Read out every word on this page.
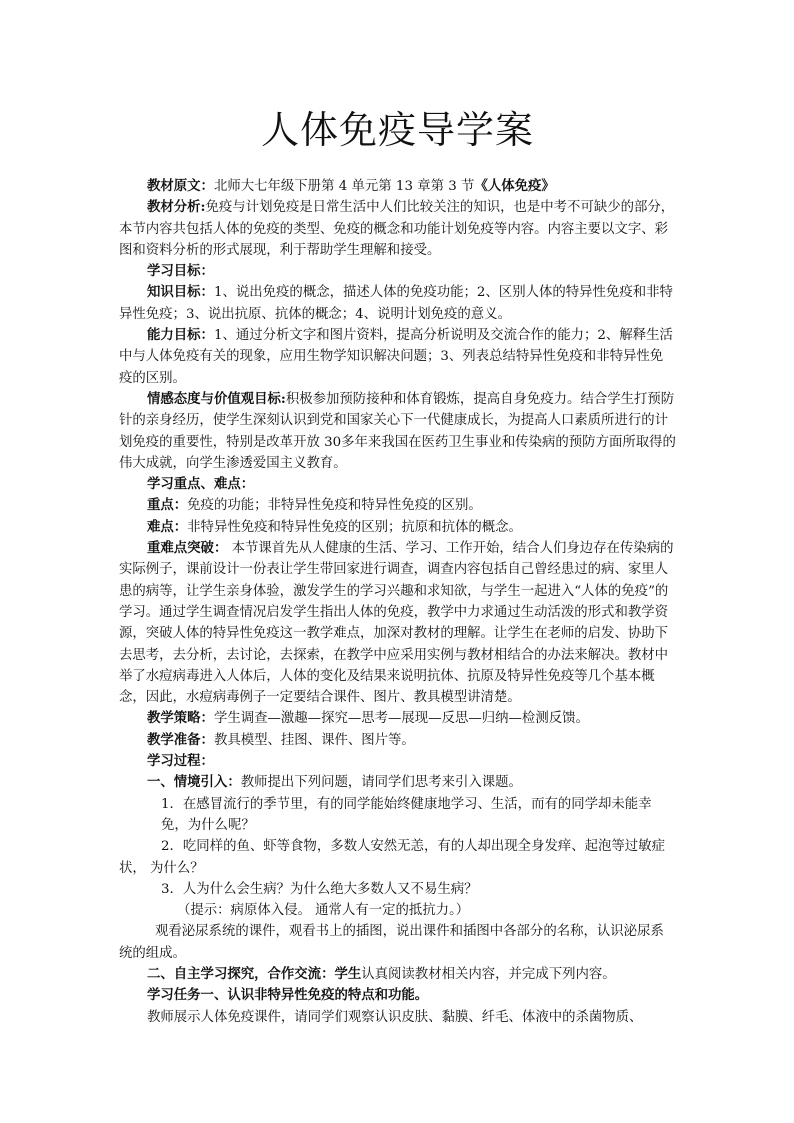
人体免疫导学案

教材原文：北师大七年级下册第 4 单元第 13 章第 3 节《人体免疫》

教材分析:免疫与计划免疫是日常生活中人们比较关注的知识，也是中考不可缺少的部分，本节内容共包括人体的免疫的类型、免疫的概念和功能计划免疫等内容。内容主要以文字、彩图和资料分析的形式展现，利于帮助学生理解和接受。

学习目标：

知识目标：1、说出免疫的概念，描述人体的免疫功能；2、区别人体的特异性免疫和非特异性免疫；3、说出抗原、抗体的概念；4、说明计划免疫的意义。

能力目标：1、通过分析文字和图片资料，提高分析说明及交流合作的能力；2、解释生活中与人体免疫有关的现象，应用生物学知识解决问题；3、列表总结特异性免疫和非特异性免疫的区别。

情感态度与价值观目标:积极参加预防接种和体育锻炼，提高自身免疫力。结合学生打预防针的亲身经历，使学生深刻认识到党和国家关心下一代健康成长，为提高人口素质所进行的计划免疫的重要性，特别是改革开放 30多年来我国在医药卫生事业和传染病的预防方面所取得的伟大成就，向学生渗透爱国主义教育。

学习重点、难点：

重点：免疫的功能；非特异性免疫和特异性免疫的区别。

难点：非特异性免疫和特异性免疫的区别；抗原和抗体的概念。

重难点突破： 本节课首先从人健康的生活、学习、工作开始，结合人们身边存在传染病的实际例子，课前设计一份表让学生带回家进行调查，调查内容包括自己曾经患过的病、家里人患的病等，让学生亲身体验，激发学生的学习兴趣和求知欲，与学生一起进入“人体的免疫”的学习。通过学生调查情况启发学生指出人体的免疫，教学中力求通过生动活泼的形式和教学资源，突破人体的特异性免疫这一教学难点，加深对教材的理解。让学生在老师的启发、协助下去思考，去分析，去讨论，去探索，在教学中应采用实例与教材相结合的办法来解决。教材中举了水痘病毒进入人体后，人体的变化及结果来说明抗体、抗原及特异性免疫等几个基本概念，因此，水痘病毒例子一定要结合课件、图片、教具模型讲清楚。

教学策略：学生调查—激趣—探究—思考—展现—反思—归纳—检测反馈。

教学准备：教具模型、挂图、课件、图片等。

学习过程：

一、情境引入：教师提出下列问题，请同学们思考来引入课题。

1．在感冒流行的季节里，有的同学能始终健康地学习、生活，而有的同学却未能幸免，为什么呢？

2．吃同样的鱼、虾等食物，多数人安然无恙，有的人却出现全身发痒、起泡等过敏症状， 为什么？

3．人为什么会生病？为什么绝大多数人又不易生病？

（提示：病原体入侵。 通常人有一定的抵抗力。）

观看泌尿系统的课件，观看书上的插图，说出课件和插图中各部分的名称，认识泌尿系统的组成。

二、自主学习探究，合作交流：学生认真阅读教材相关内容，并完成下列内容。

学习任务一、认识非特异性免疫的特点和功能。

教师展示人体免疫课件，请同学们观察认识皮肤、黏膜、纤毛、体液中的杀菌物质、
